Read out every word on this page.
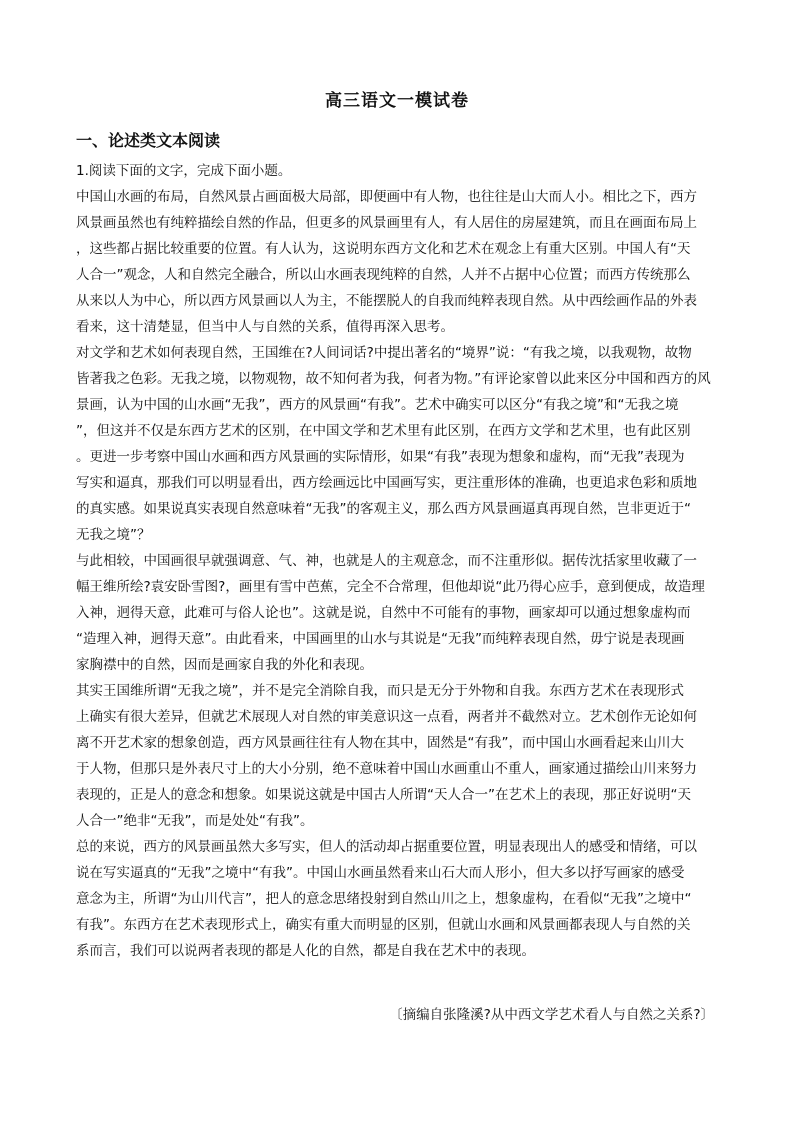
高三语文一模试卷
一、论述类文本阅读
1.阅读下面的文字，完成下面小题。
中国山水画的布局，自然风景占画面极大局部，即便画中有人物，也往往是山大而人小。相比之下，西方
风景画虽然也有纯粹描绘自然的作品，但更多的风景画里有人，有人居住的房屋建筑，而且在画面布局上
，这些都占据比较重要的位置。有人认为，这说明东西方文化和艺术在观念上有重大区别。中国人有“天
人合一”观念，人和自然完全融合，所以山水画表现纯粹的自然，人并不占据中心位置；而西方传统那么
从来以人为中心，所以西方风景画以人为主，不能摆脱人的自我而纯粹表现自然。从中西绘画作品的外表
看来，这十清楚显，但当中人与自然的关系，值得再深入思考。
对文学和艺术如何表现自然，王国维在?人间词话?中提出著名的“境界”说：“有我之境，以我观物，故物
皆著我之色彩。无我之境，以物观物，故不知何者为我，何者为物。”有评论家曾以此来区分中国和西方的风
景画，认为中国的山水画“无我”，西方的风景画“有我”。艺术中确实可以区分“有我之境”和“无我之境
”，但这并不仅是东西方艺术的区别，在中国文学和艺术里有此区别，在西方文学和艺术里，也有此区别
。更进一步考察中国山水画和西方风景画的实际情形，如果“有我”表现为想象和虚构，而“无我”表现为
写实和逼真，那我们可以明显看出，西方绘画远比中国画写实，更注重形体的准确，也更追求色彩和质地
的真实感。如果说真实表现自然意味着“无我”的客观主义，那么西方风景画逼真再现自然，岂非更近于“
无我之境”？
与此相较，中国画很早就强调意、气、神，也就是人的主观意念，而不注重形似。据传沈括家里收藏了一
幅王维所绘?袁安卧雪图?，画里有雪中芭蕉，完全不合常理，但他却说“此乃得心应手，意到便成，故造理
入神，迥得天意，此难可与俗人论也”。这就是说，自然中不可能有的事物，画家却可以通过想象虚构而
“造理入神，迥得天意”。由此看来，中国画里的山水与其说是“无我”而纯粹表现自然，毋宁说是表现画
家胸襟中的自然，因而是画家自我的外化和表现。
其实王国维所谓“无我之境”，并不是完全消除自我，而只是无分于外物和自我。东西方艺术在表现形式
上确实有很大差异，但就艺术展现人对自然的审美意识这一点看，两者并不截然对立。艺术创作无论如何
离不开艺术家的想象创造，西方风景画往往有人物在其中，固然是“有我”，而中国山水画看起来山川大
于人物，但那只是外表尺寸上的大小分别，绝不意味着中国山水画重山不重人，画家通过描绘山川来努力
表现的，正是人的意念和想象。如果说这就是中国古人所谓“天人合一”在艺术上的表现，那正好说明“天
人合一”绝非“无我”，而是处处“有我”。
总的来说，西方的风景画虽然大多写实，但人的活动却占据重要位置，明显表现出人的感受和情绪，可以
说在写实逼真的“无我”之境中“有我”。中国山水画虽然看来山石大而人形小，但大多以抒写画家的感受
意念为主，所谓“为山川代言”，把人的意念思绪投射到自然山川之上，想象虚构，在看似“无我”之境中“
有我”。东西方在艺术表现形式上，确实有重大而明显的区别，但就山水画和风景画都表现人与自然的关
系而言，我们可以说两者表现的都是人化的自然，都是自我在艺术中的表现。
〔摘编自张隆溪?从中西文学艺术看人与自然之关系?〕
